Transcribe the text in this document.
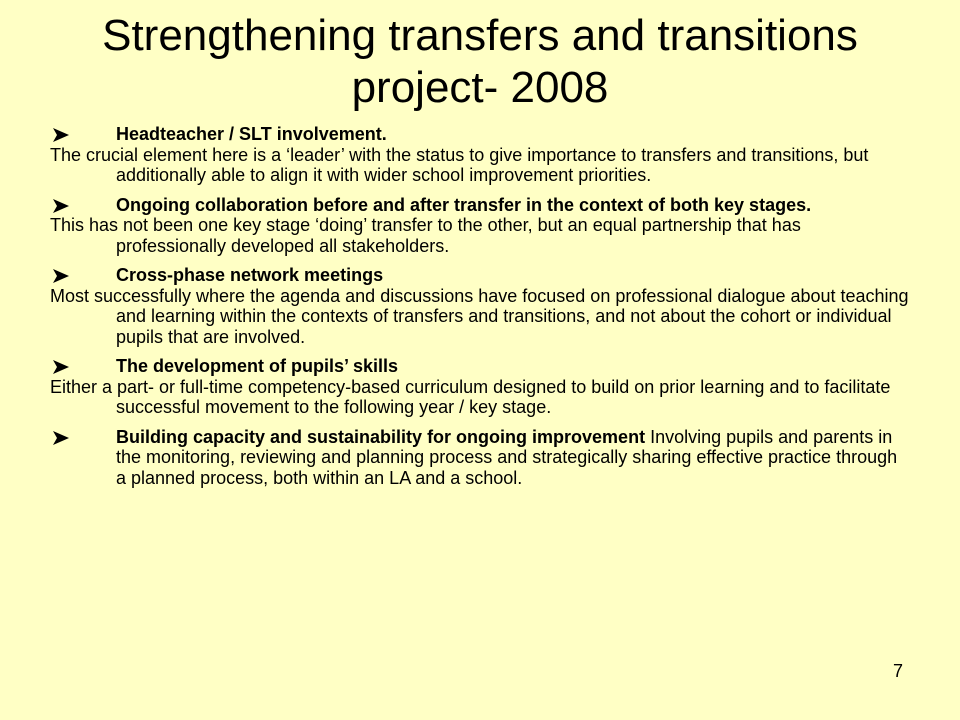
Strengthening transfers and transitions
project- 2008
Headteacher / SLT involvement.
The crucial element here is a ‘leader’ with the status to give importance to transfers and transitions, but additionally able to align it with wider school improvement priorities.
Ongoing collaboration before and after transfer in the context of both key stages.
This has not been one key stage ‘doing’ transfer to the other, but an equal partnership that has professionally developed all stakeholders.
Cross-phase network meetings
Most successfully where the agenda and discussions have focused on professional dialogue about teaching and learning within the contexts of transfers and transitions, and not about the cohort or individual pupils that are involved.
The development of pupils’ skills
Either a part- or full-time competency-based curriculum designed to build on prior learning and to facilitate successful movement to the following year / key stage.
Building capacity and sustainability for ongoing improvement Involving pupils and parents in the monitoring, reviewing and planning process and strategically sharing effective practice through a planned process, both within an LA and a school.
7
